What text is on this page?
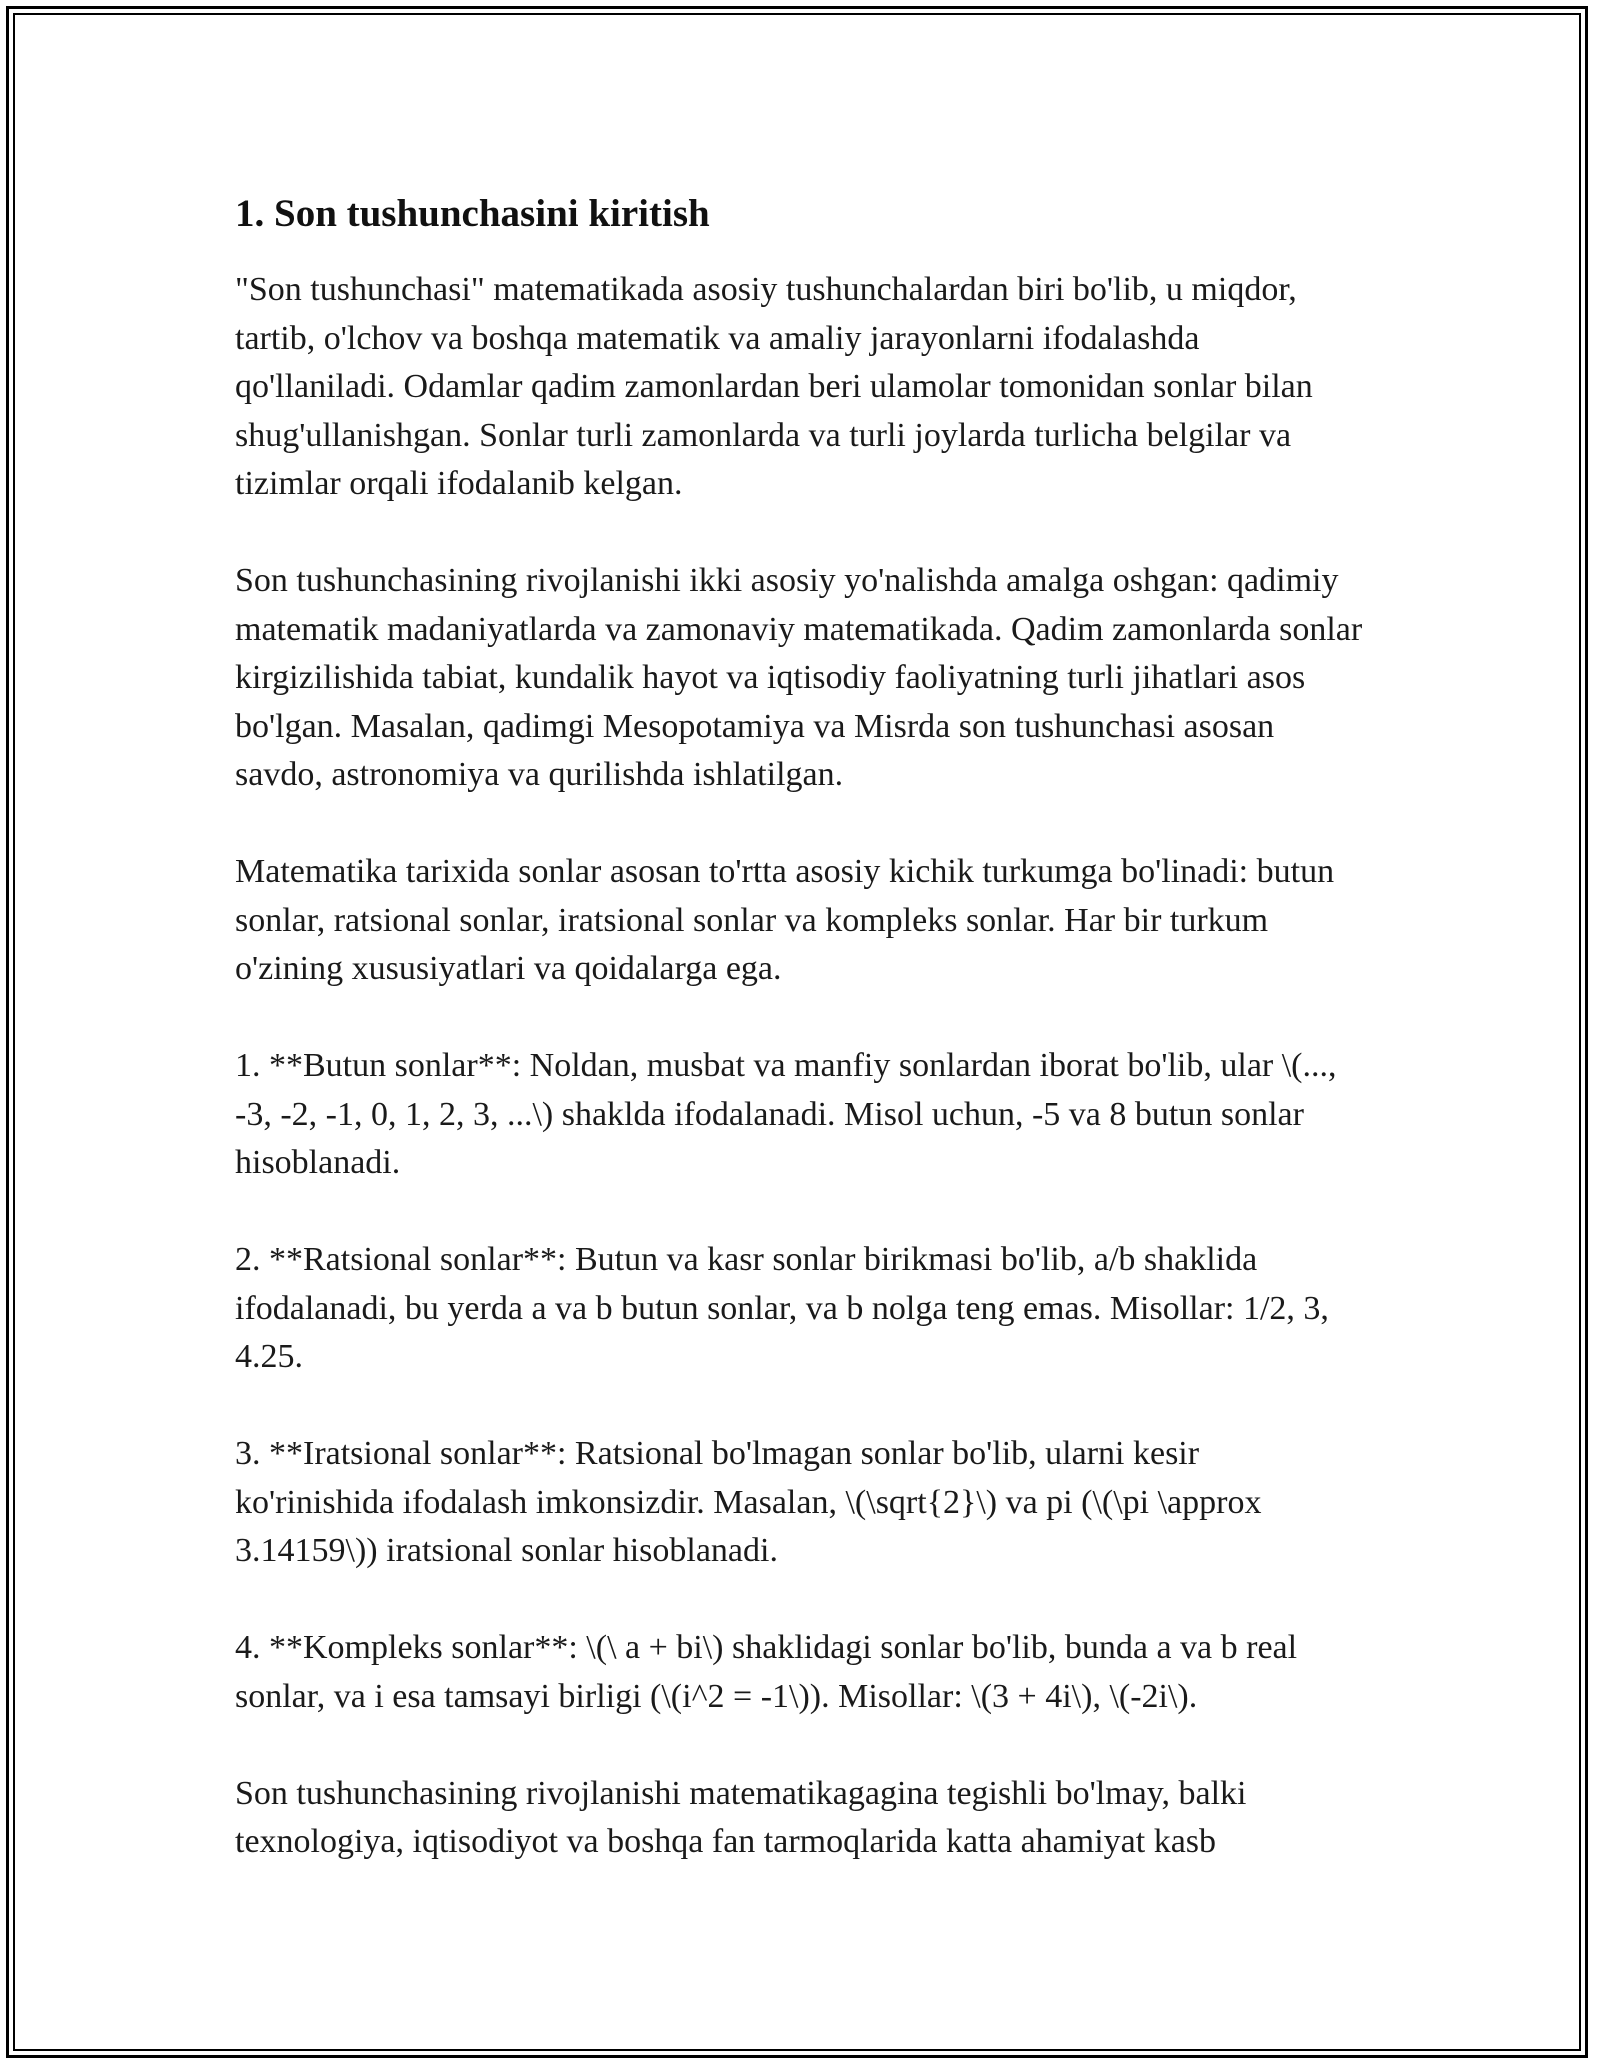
1. Son tushunchasini kiritish

"Son tushunchasi" matematikada asosiy tushunchalardan biri bo'lib, u miqdor, tartib, o'lchov va boshqa matematik va amaliy jarayonlarni ifodalashda qo'llaniladi. Odamlar qadim zamonlardan beri ulamolar tomonidan sonlar bilan shug'ullanishgan. Sonlar turli zamonlarda va turli joylarda turlicha belgilar va tizimlar orqali ifodalanib kelgan.

Son tushunchasining rivojlanishi ikki asosiy yo'nalishda amalga oshgan: qadimiy matematik madaniyatlarda va zamonaviy matematikada. Qadim zamonlarda sonlar kirgizilishida tabiat, kundalik hayot va iqtisodiy faoliyatning turli jihatlari asos bo'lgan. Masalan, qadimgi Mesopotamiya va Misrda son tushunchasi asosan savdo, astronomiya va qurilishda ishlatilgan.

Matematika tarixida sonlar asosan to'rtta asosiy kichik turkumga bo'linadi: butun sonlar, ratsional sonlar, iratsional sonlar va kompleks sonlar. Har bir turkum o'zining xususiyatlari va qoidalarga ega.

1. **Butun sonlar**: Noldan, musbat va manfiy sonlardan iborat bo'lib, ular \(..., -3, -2, -1, 0, 1, 2, 3, ...\) shaklda ifodalanadi. Misol uchun, -5 va 8 butun sonlar hisoblanadi.

2. **Ratsional sonlar**: Butun va kasr sonlar birikmasi bo'lib, a/b shaklida ifodalanadi, bu yerda a va b butun sonlar, va b nolga teng emas. Misollar: 1/2, 3, 4.25.

3. **Iratsional sonlar**: Ratsional bo'lmagan sonlar bo'lib, ularni kesir ko'rinishida ifodalash imkonsizdir. Masalan, \(\sqrt{2}\) va pi (\(\pi \approx 3.14159\)) iratsional sonlar hisoblanadi.

4. **Kompleks sonlar**: \(\ a + bi\) shaklidagi sonlar bo'lib, bunda a va b real sonlar, va i esa tamsayi birligi (\(i^2 = -1\)). Misollar: \(3 + 4i\), \(-2i\).

Son tushunchasining rivojlanishi matematikagagina tegishli bo'lmay, balki texnologiya, iqtisodiyot va boshqa fan tarmoqlarida katta ahamiyat kasb
